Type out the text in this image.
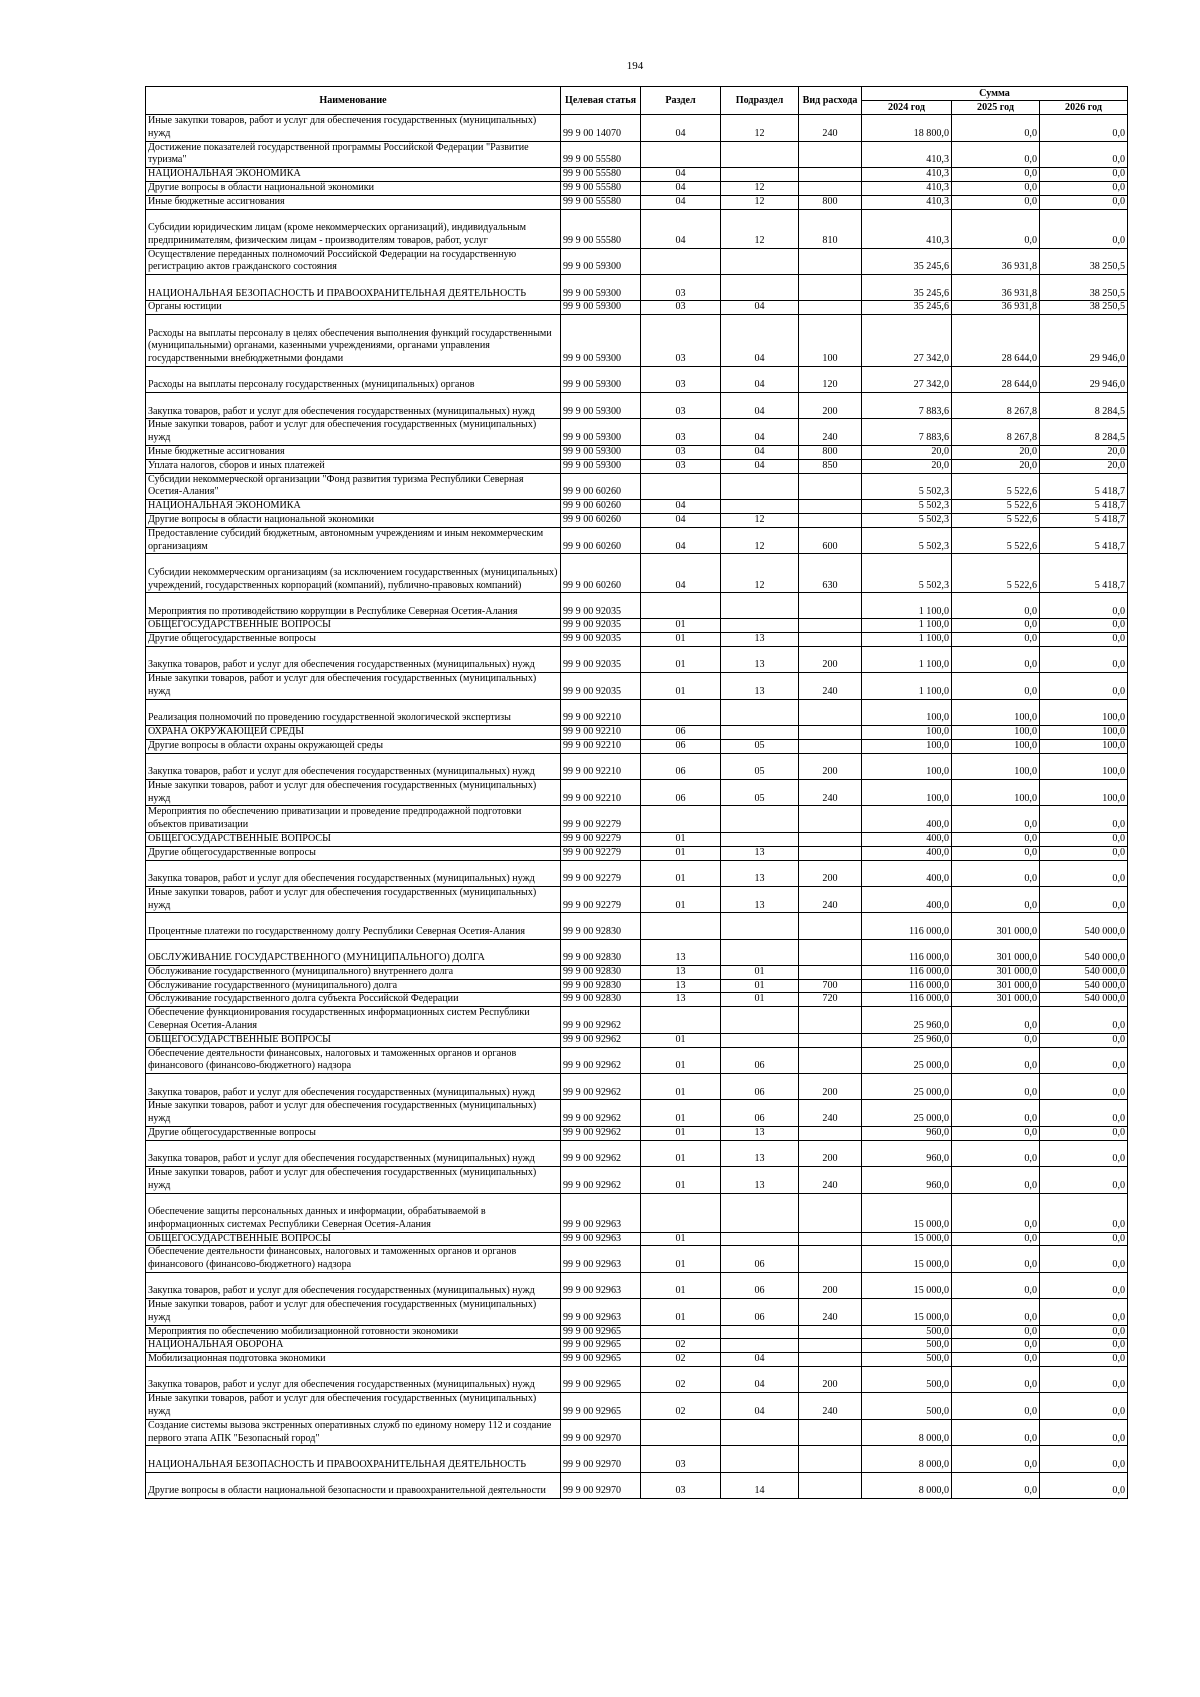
194
Наименование	Целевая статья	Раздел	Подраздел	Вид расхода	Сумма		
					2024 год	2025 год	2026 год
Иные закупки товаров, работ и услуг для обеспечения государственных (муниципальных) нужд	99 9 00 14070	04	12	240	18 800,0	0,0	0,0
Достижение показателей государственной программы Российской Федерации "Развитие туризма"	99 9 00 55580				410,3	0,0	0,0
НАЦИОНАЛЬНАЯ ЭКОНОМИКА	99 9 00 55580	04			410,3	0,0	0,0
Другие вопросы в области национальной экономики	99 9 00 55580	04	12		410,3	0,0	0,0
Иные бюджетные ассигнования	99 9 00 55580	04	12	800	410,3	0,0	0,0
Субсидии юридическим лицам (кроме некоммерческих организаций), индивидуальным предпринимателям, физическим лицам - производителям товаров, работ, услуг	99 9 00 55580	04	12	810	410,3	0,0	0,0
Осуществление переданных полномочий Российской Федерации на государственную регистрацию актов гражданского состояния	99 9 00 59300				35 245,6	36 931,8	38 250,5
НАЦИОНАЛЬНАЯ БЕЗОПАСНОСТЬ И ПРАВООХРАНИТЕЛЬНАЯ ДЕЯТЕЛЬНОСТЬ	99 9 00 59300	03			35 245,6	36 931,8	38 250,5
Органы юстиции	99 9 00 59300	03	04		35 245,6	36 931,8	38 250,5
Расходы на выплаты персоналу в целях обеспечения выполнения функций государственными (муниципальными) органами, казенными учреждениями, органами управления государственными внебюджетными фондами	99 9 00 59300	03	04	100	27 342,0	28 644,0	29 946,0
Расходы на выплаты персоналу государственных (муниципальных) органов	99 9 00 59300	03	04	120	27 342,0	28 644,0	29 946,0
Закупка товаров, работ и услуг для обеспечения государственных (муниципальных) нужд	99 9 00 59300	03	04	200	7 883,6	8 267,8	8 284,5
Иные закупки товаров, работ и услуг для обеспечения государственных (муниципальных) нужд	99 9 00 59300	03	04	240	7 883,6	8 267,8	8 284,5
Иные бюджетные ассигнования	99 9 00 59300	03	04	800	20,0	20,0	20,0
Уплата налогов, сборов и иных платежей	99 9 00 59300	03	04	850	20,0	20,0	20,0
Субсидии некоммерческой организации "Фонд развития туризма Республики Северная Осетия-Алания"	99 9 00 60260				5 502,3	5 522,6	5 418,7
НАЦИОНАЛЬНАЯ ЭКОНОМИКА	99 9 00 60260	04			5 502,3	5 522,6	5 418,7
Другие вопросы в области национальной экономики	99 9 00 60260	04	12		5 502,3	5 522,6	5 418,7
Предоставление субсидий бюджетным, автономным учреждениям и иным некоммерческим организациям	99 9 00 60260	04	12	600	5 502,3	5 522,6	5 418,7
Субсидии некоммерческим организациям (за исключением государственных (муниципальных) учреждений, государственных корпораций (компаний), публично-правовых компаний)	99 9 00 60260	04	12	630	5 502,3	5 522,6	5 418,7
Мероприятия по противодействию коррупции в Республике Северная Осетия-Алания	99 9 00 92035				1 100,0	0,0	0,0
ОБЩЕГОСУДАРСТВЕННЫЕ ВОПРОСЫ	99 9 00 92035	01			1 100,0	0,0	0,0
Другие общегосударственные вопросы	99 9 00 92035	01	13		1 100,0	0,0	0,0
Закупка товаров, работ и услуг для обеспечения государственных (муниципальных) нужд	99 9 00 92035	01	13	200	1 100,0	0,0	0,0
Иные закупки товаров, работ и услуг для обеспечения государственных (муниципальных) нужд	99 9 00 92035	01	13	240	1 100,0	0,0	0,0
Реализация полномочий по проведению государственной экологической экспертизы	99 9 00 92210				100,0	100,0	100,0
ОХРАНА ОКРУЖАЮЩЕЙ СРЕДЫ	99 9 00 92210	06			100,0	100,0	100,0
Другие вопросы в области охраны окружающей среды	99 9 00 92210	06	05		100,0	100,0	100,0
Закупка товаров, работ и услуг для обеспечения государственных (муниципальных) нужд	99 9 00 92210	06	05	200	100,0	100,0	100,0
Иные закупки товаров, работ и услуг для обеспечения государственных (муниципальных) нужд	99 9 00 92210	06	05	240	100,0	100,0	100,0
Мероприятия по обеспечению приватизации и проведение предпродажной подготовки объектов приватизации	99 9 00 92279				400,0	0,0	0,0
ОБЩЕГОСУДАРСТВЕННЫЕ ВОПРОСЫ	99 9 00 92279	01			400,0	0,0	0,0
Другие общегосударственные вопросы	99 9 00 92279	01	13		400,0	0,0	0,0
Закупка товаров, работ и услуг для обеспечения государственных (муниципальных) нужд	99 9 00 92279	01	13	200	400,0	0,0	0,0
Иные закупки товаров, работ и услуг для обеспечения государственных (муниципальных) нужд	99 9 00 92279	01	13	240	400,0	0,0	0,0
Процентные платежи по государственному долгу Республики Северная Осетия-Алания	99 9 00 92830				116 000,0	301 000,0	540 000,0
ОБСЛУЖИВАНИЕ ГОСУДАРСТВЕННОГО (МУНИЦИПАЛЬНОГО) ДОЛГА	99 9 00 92830	13			116 000,0	301 000,0	540 000,0
Обслуживание государственного (муниципального) внутреннего долга	99 9 00 92830	13	01		116 000,0	301 000,0	540 000,0
Обслуживание государственного (муниципального) долга	99 9 00 92830	13	01	700	116 000,0	301 000,0	540 000,0
Обслуживание государственного долга субъекта Российской Федерации	99 9 00 92830	13	01	720	116 000,0	301 000,0	540 000,0
Обеспечение функционирования государственных информационных систем Республики Северная Осетия-Алания	99 9 00 92962				25 960,0	0,0	0,0
ОБЩЕГОСУДАРСТВЕННЫЕ ВОПРОСЫ	99 9 00 92962	01			25 960,0	0,0	0,0
Обеспечение деятельности финансовых, налоговых и таможенных органов и органов финансового (финансово-бюджетного) надзора	99 9 00 92962	01	06		25 000,0	0,0	0,0
Закупка товаров, работ и услуг для обеспечения государственных (муниципальных) нужд	99 9 00 92962	01	06	200	25 000,0	0,0	0,0
Иные закупки товаров, работ и услуг для обеспечения государственных (муниципальных) нужд	99 9 00 92962	01	06	240	25 000,0	0,0	0,0
Другие общегосударственные вопросы	99 9 00 92962	01	13		960,0	0,0	0,0
Закупка товаров, работ и услуг для обеспечения государственных (муниципальных) нужд	99 9 00 92962	01	13	200	960,0	0,0	0,0
Иные закупки товаров, работ и услуг для обеспечения государственных (муниципальных) нужд	99 9 00 92962	01	13	240	960,0	0,0	0,0
Обеспечение защиты персональных данных и информации, обрабатываемой в информационных системах Республики Северная Осетия-Алания	99 9 00 92963				15 000,0	0,0	0,0
ОБЩЕГОСУДАРСТВЕННЫЕ ВОПРОСЫ	99 9 00 92963	01			15 000,0	0,0	0,0
Обеспечение деятельности финансовых, налоговых и таможенных органов и органов финансового (финансово-бюджетного) надзора	99 9 00 92963	01	06		15 000,0	0,0	0,0
Закупка товаров, работ и услуг для обеспечения государственных (муниципальных) нужд	99 9 00 92963	01	06	200	15 000,0	0,0	0,0
Иные закупки товаров, работ и услуг для обеспечения государственных (муниципальных) нужд	99 9 00 92963	01	06	240	15 000,0	0,0	0,0
Мероприятия по обеспечению мобилизационной готовности экономики	99 9 00 92965				500,0	0,0	0,0
НАЦИОНАЛЬНАЯ ОБОРОНА	99 9 00 92965	02			500,0	0,0	0,0
Мобилизационная подготовка экономики	99 9 00 92965	02	04		500,0	0,0	0,0
Закупка товаров, работ и услуг для обеспечения государственных (муниципальных) нужд	99 9 00 92965	02	04	200	500,0	0,0	0,0
Иные закупки товаров, работ и услуг для обеспечения государственных (муниципальных) нужд	99 9 00 92965	02	04	240	500,0	0,0	0,0
Создание системы вызова экстренных оперативных служб по единому номеру 112 и создание первого этапа АПК "Безопасный город"	99 9 00 92970				8 000,0	0,0	0,0
НАЦИОНАЛЬНАЯ БЕЗОПАСНОСТЬ И ПРАВООХРАНИТЕЛЬНАЯ ДЕЯТЕЛЬНОСТЬ	99 9 00 92970	03			8 000,0	0,0	0,0
Другие вопросы в области национальной безопасности и правоохранительной деятельности	99 9 00 92970	03	14		8 000,0	0,0	0,0
